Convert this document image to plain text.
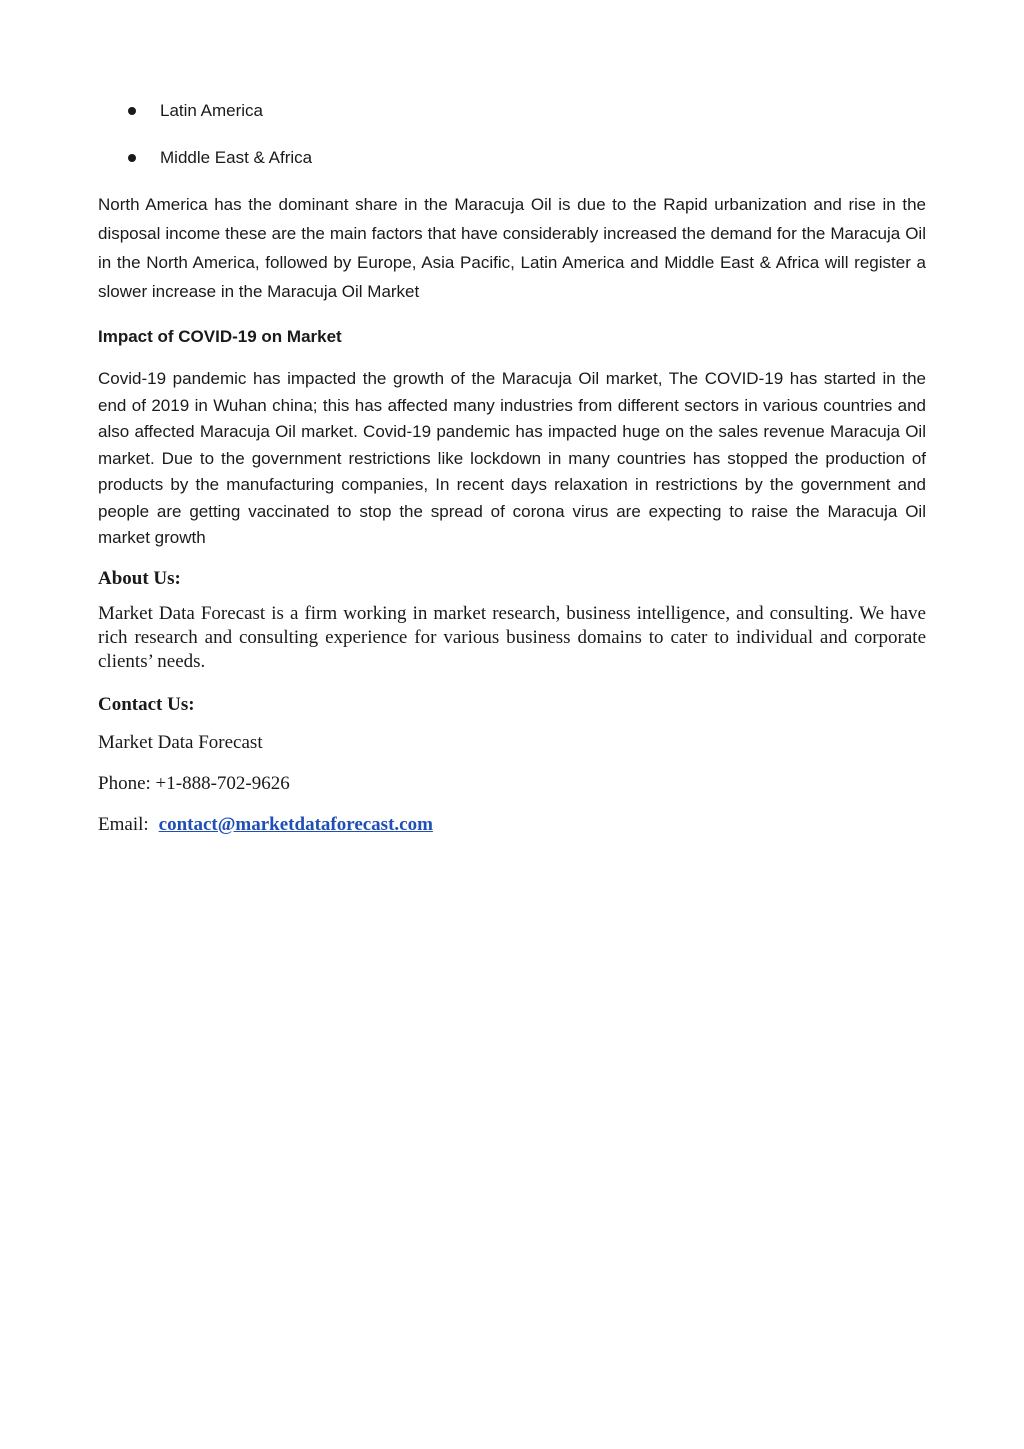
Latin America
Middle East & Africa

North America has the dominant share in the Maracuja Oil is due to the Rapid urbanization and rise in the disposal income these are the main factors that have considerably increased the demand for the Maracuja Oil in the North America, followed by Europe, Asia Pacific, Latin America and Middle East & Africa will register a slower increase in the Maracuja Oil Market

Impact of COVID-19 on Market

Covid-19 pandemic has impacted the growth of the Maracuja Oil market, The COVID-19 has started in the end of 2019 in Wuhan china; this has affected many industries from different sectors in various countries and also affected Maracuja Oil market. Covid-19 pandemic has impacted huge on the sales revenue Maracuja Oil market. Due to the government restrictions like lockdown in many countries has stopped the production of products by the manufacturing companies, In recent days relaxation in restrictions by the government and people are getting vaccinated to stop the spread of corona virus are expecting to raise the Maracuja Oil market growth

About Us:

Market Data Forecast is a firm working in market research, business intelligence, and consulting. We have rich research and consulting experience for various business domains to cater to individual and corporate clients’ needs.

Contact Us:

Market Data Forecast

Phone: +1-888-702-9626

Email: contact@marketdataforecast.com
